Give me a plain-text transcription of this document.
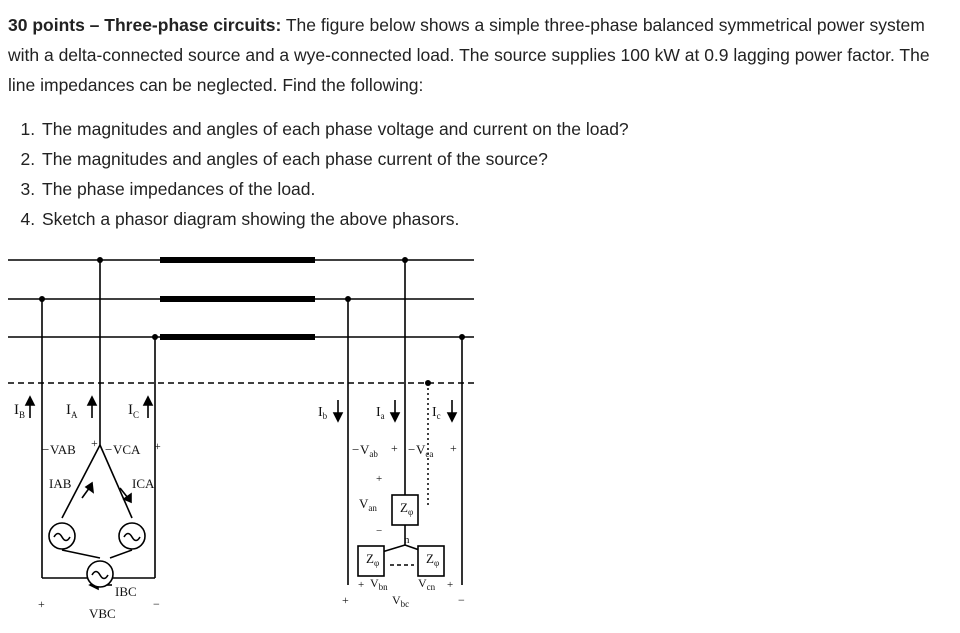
30 points – Three-phase circuits: The figure below shows a simple three-phase balanced symmetrical power system with a delta-connected source and a wye-connected load. The source supplies 100 kW at 0.9 lagging power factor. The line impedances can be neglected. Find the following:

1. The magnitudes and angles of each phase voltage and current on the load?
2. The magnitudes and angles of each phase current of the source?
3. The phase impedances of the load.
4. Sketch a phasor diagram showing the above phasors.
$I_B$	$I_A$	$I_C$
− VAB + − VCA +
IAB	ICA
IBC
VBC
+	−
$I_b$	$I_a$	$I_c$
− $V_{ab}$ + − $V_{ca}$ +
+
$V_{an}$
−
$Z_\varphi$
n
$Z_\varphi$	$Z_\varphi$
+ $V_{bn}$	$V_{cn}$ +
+	$V_{bc}$	−
